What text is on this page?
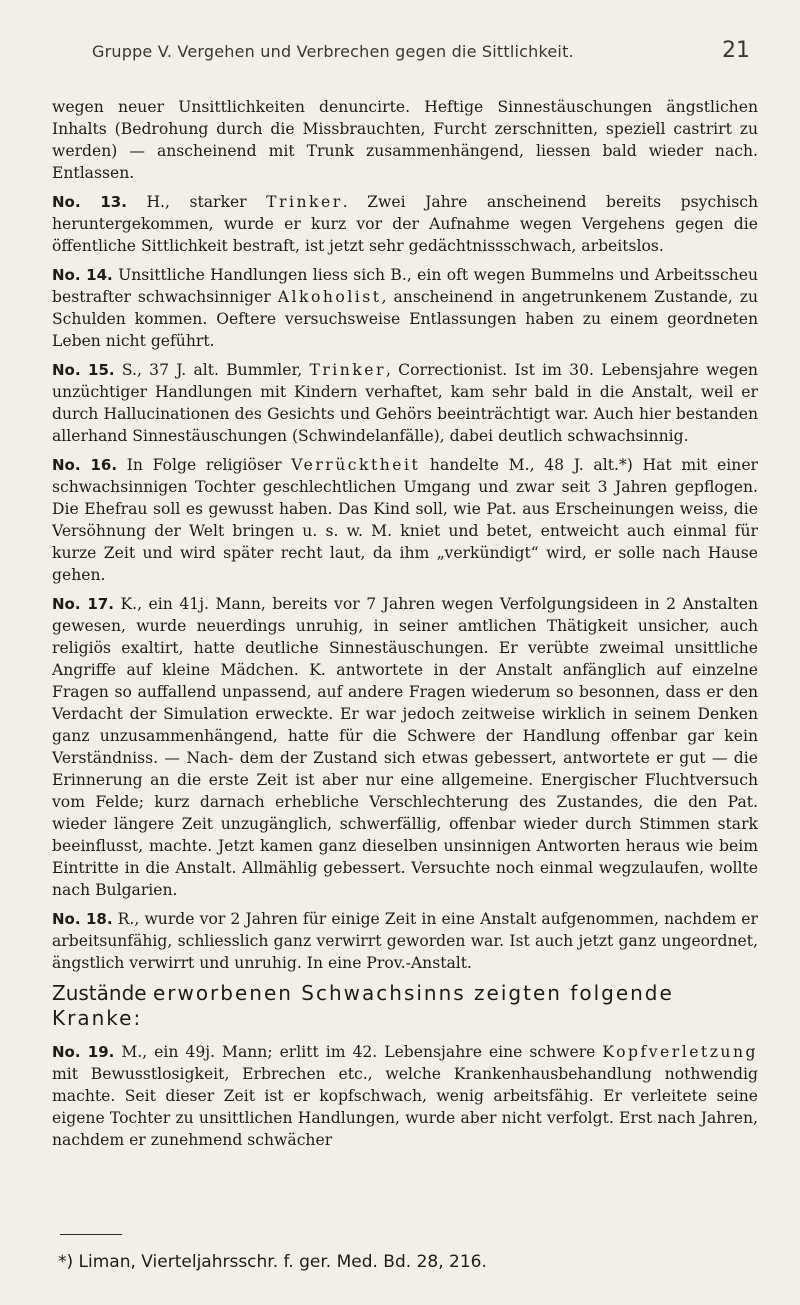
Gruppe V. Vergehen und Verbrechen gegen die Sittlichkeit.	21

wegen neuer Unsittlichkeiten denuncirte. Heftige Sinnestäuschungen ängstlichen Inhalts (Bedrohung durch die Missbrauchten, Furcht zerschnitten, speziell castrirt zu werden) — anscheinend mit Trunk zusammenhängend, liessen bald wieder nach. Entlassen.

No. 13. H., starker Trinker. Zwei Jahre anscheinend bereits psychisch heruntergekommen, wurde er kurz vor der Aufnahme wegen Vergehens gegen die öffentliche Sittlichkeit bestraft, ist jetzt sehr gedächtnissschwach, arbeitslos.

No. 14. Unsittliche Handlungen liess sich B., ein oft wegen Bummelns und Arbeitsscheu bestrafter schwachsinniger Alkoholist, anscheinend in angetrunkenem Zustande, zu Schulden kommen. Oeftere versuchsweise Entlassungen haben zu einem geordneten Leben nicht geführt.

No. 15. S., 37 J. alt. Bummler, Trinker, Correctionist. Ist im 30. Lebensjahre wegen unzüchtiger Handlungen mit Kindern verhaftet, kam sehr bald in die Anstalt, weil er durch Hallucinationen des Gesichts und Gehörs beeinträchtigt war. Auch hier bestanden allerhand Sinnestäuschungen (Schwindelanfälle), dabei deutlich schwachsinnig.

No. 16. In Folge religiöser Verrücktheit handelte M., 48 J. alt.*) Hat mit einer schwachsinnigen Tochter geschlechtlichen Umgang und zwar seit 3 Jahren gepflogen. Die Ehefrau soll es gewusst haben. Das Kind soll, wie Pat. aus Erscheinungen weiss, die Versöhnung der Welt bringen u. s. w. M. kniet und betet, entweicht auch einmal für kurze Zeit und wird später recht laut, da ihm „verkündigt“ wird, er solle nach Hause gehen.

No. 17. K., ein 41j. Mann, bereits vor 7 Jahren wegen Verfolgungsideen in 2 Anstalten gewesen, wurde neuerdings unruhig, in seiner amtlichen Thätigkeit unsicher, auch religiös exaltirt, hatte deutliche Sinnestäuschungen. Er verübte zweimal unsittliche Angriffe auf kleine Mädchen. K. antwortete in der Anstalt anfänglich auf einzelne Fragen so auffallend unpassend, auf andere Fragen wiederum so besonnen, dass er den Verdacht der Simulation erweckte. Er war jedoch zeitweise wirklich in seinem Denken ganz unzusammenhängend, hatte für die Schwere der Handlung offenbar gar kein Verständniss. — Nach- dem der Zustand sich etwas gebessert, antwortete er gut — die Erinnerung an die erste Zeit ist aber nur eine allgemeine. Energischer Fluchtversuch vom Felde; kurz darnach erhebliche Verschlechterung des Zustandes, die den Pat. wieder längere Zeit unzugänglich, schwerfällig, offenbar wieder durch Stimmen stark beeinflusst, machte. Jetzt kamen ganz dieselben unsinnigen Antworten heraus wie beim Eintritte in die Anstalt. Allmählig gebessert. Versuchte noch einmal wegzulaufen, wollte nach Bulgarien.

No. 18. R., wurde vor 2 Jahren für einige Zeit in eine Anstalt aufgenommen, nachdem er arbeitsunfähig, schliesslich ganz verwirrt geworden war. Ist auch jetzt ganz ungeordnet, ängstlich verwirrt und unruhig. In eine Prov.-Anstalt.

Zustände erworbenen Schwachsinns zeigten folgende Kranke:

No. 19. M., ein 49j. Mann; erlitt im 42. Lebensjahre eine schwere Kopfverletzung mit Bewusstlosigkeit, Erbrechen etc., welche Krankenhausbehandlung nothwendig machte. Seit dieser Zeit ist er kopfschwach, wenig arbeitsfähig. Er verleitete seine eigene Tochter zu unsittlichen Handlungen, wurde aber nicht verfolgt. Erst nach Jahren, nachdem er zunehmend schwächer

*) Liman, Vierteljahrsschr. f. ger. Med. Bd. 28, 216.
